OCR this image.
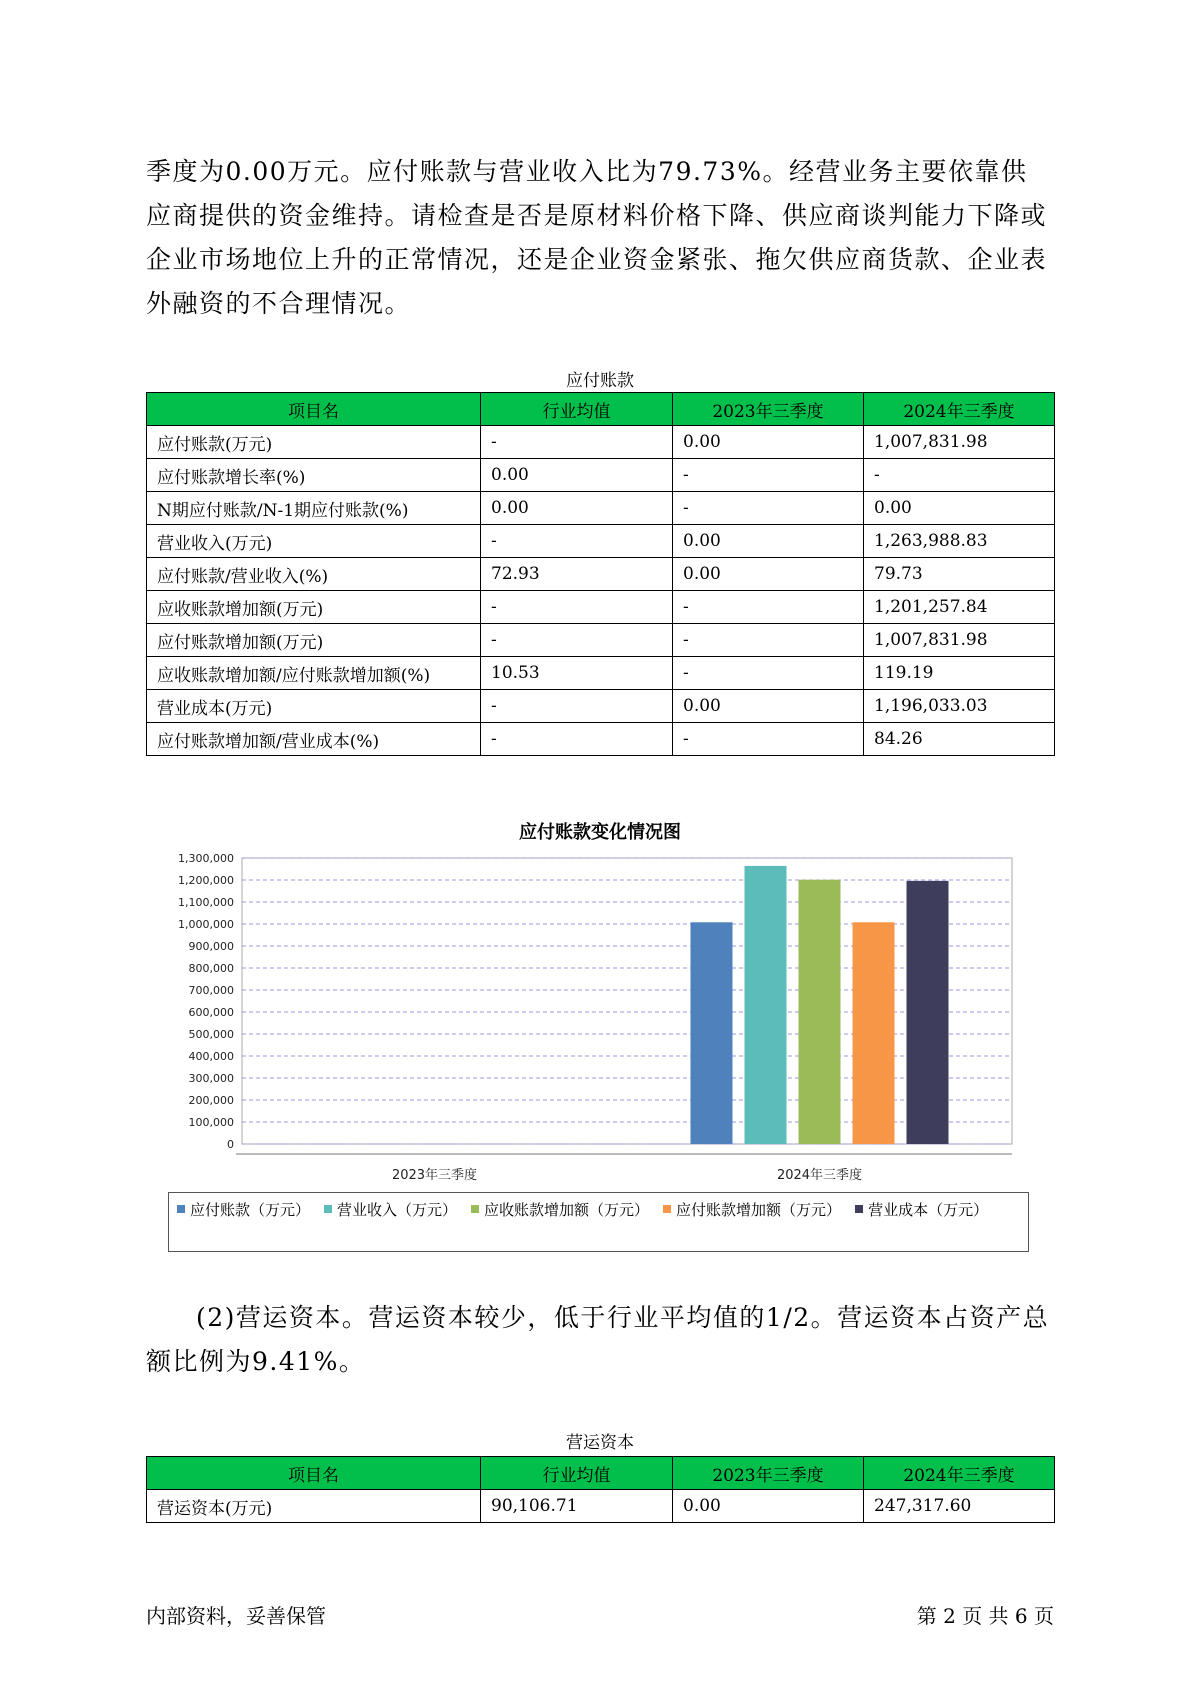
季度为0.00万元。应付账款与营业收入比为79.73%。经营业务主要依靠供应商提供的资金维持。请检查是否是原材料价格下降、供应商谈判能力下降或企业市场地位上升的正常情况，还是企业资金紧张、拖欠供应商货款、企业表外融资的不合理情况。

应付账款
项目名	行业均值	2023年三季度	2024年三季度
应付账款(万元)	-	0.00	1,007,831.98
应付账款增长率(%)	0.00	-	-
N期应付账款/N-1期应付账款(%)	0.00	-	0.00
营业收入(万元)	-	0.00	1,263,988.83
应付账款/营业收入(%)	72.93	0.00	79.73
应收账款增加额(万元)	-	-	1,201,257.84
应付账款增加额(万元)	-	-	1,007,831.98
应收账款增加额/应付账款增加额(%)	10.53	-	119.19
营业成本(万元)	-	0.00	1,196,033.03
应付账款增加额/营业成本(%)	-	-	84.26
应付账款变化情况图
0
100,000
200,000
300,000
400,000
500,000
600,000
700,000
800,000
900,000
1,000,000
1,100,000
1,200,000
1,300,000
2023年三季度	2024年三季度
应付账款（万元） 营业收入（万元） 应收账款增加额（万元） 应付账款增加额（万元） 营业成本（万元）

(2)营运资本。营运资本较少，低于行业平均值的1/2。营运资本占资产总额比例为9.41%。

营运资本
项目名	行业均值	2023年三季度	2024年三季度
营运资本(万元)	90,106.71	0.00	247,317.60
内部资料，妥善保管	第 2 页 共 6 页
